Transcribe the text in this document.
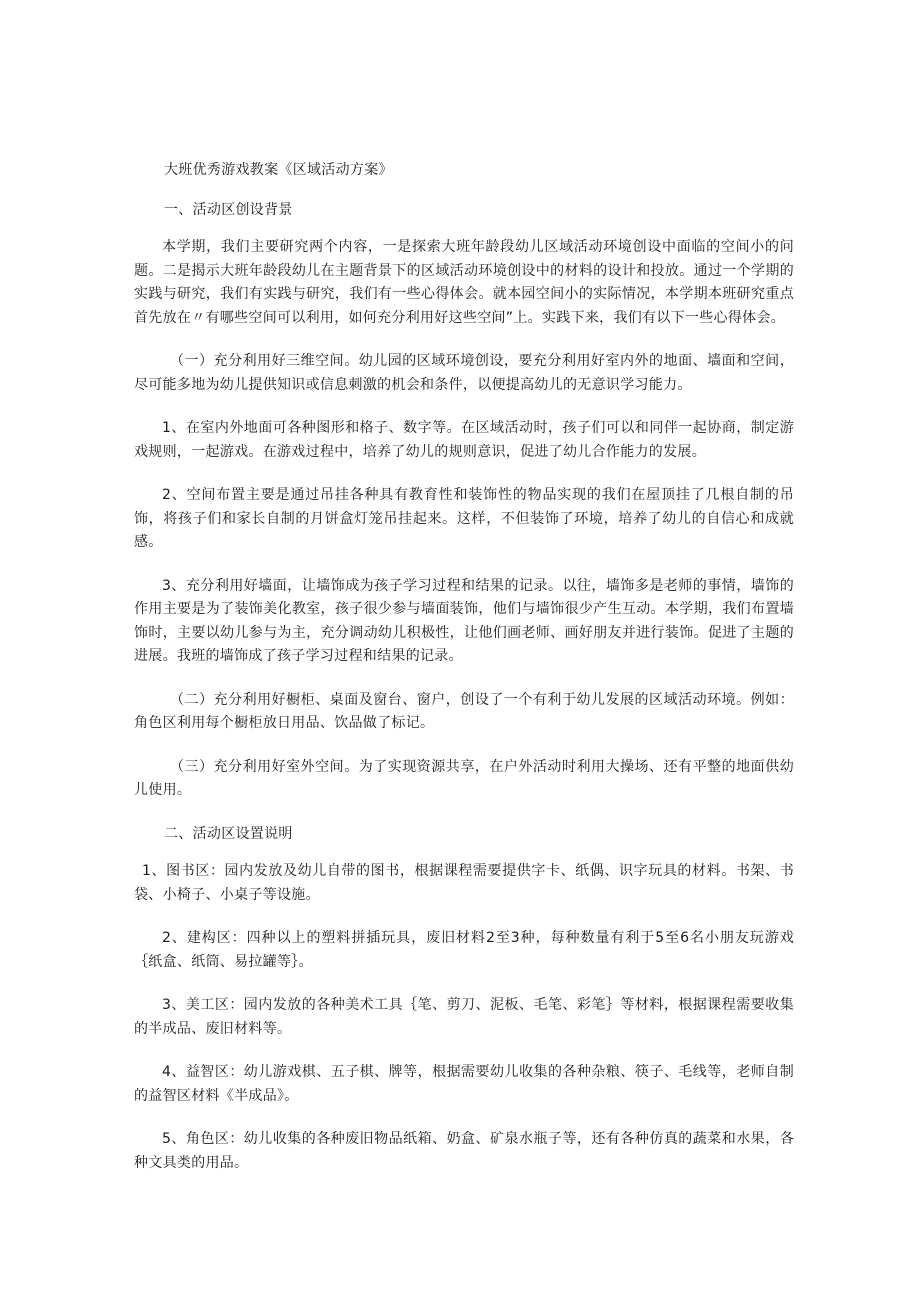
大班优秀游戏教案《区域活动方案》
一、活动区创设背景

本学期，我们主要研究两个内容，一是探索大班年龄段幼儿区域活动环境创设中面临的空间小的问题。二是揭示大班年龄段幼儿在主题背景下的区域活动环境创设中的材料的设计和投放。通过一个学期的实践与研究，我们有实践与研究，我们有一些心得体会。就本园空间小的实际情况，本学期本班研究重点首先放在〃有哪些空间可以利用，如何充分利用好这些空间”上。实践下来，我们有以下一些心得体会。

（一）充分利用好三维空间。幼儿园的区域环境创设，要充分利用好室内外的地面、墙面和空间，尽可能多地为幼儿提供知识或信息刺激的机会和条件，以便提高幼儿的无意识学习能力。

1、在室内外地面可各种图形和格子、数字等。在区域活动时，孩子们可以和同伴一起协商，制定游戏规则，一起游戏。在游戏过程中，培养了幼儿的规则意识，促进了幼儿合作能力的发展。

2、空间布置主要是通过吊挂各种具有教育性和装饰性的物品实现的我们在屋顶挂了几根自制的吊饰，将孩子们和家长自制的月饼盒灯笼吊挂起来。这样，不但装饰了环境，培养了幼儿的自信心和成就感。

3、充分利用好墙面，让墙饰成为孩子学习过程和结果的记录。以往，墙饰多是老师的事情，墙饰的作用主要是为了装饰美化教室，孩子很少参与墙面装饰，他们与墙饰很少产生互动。本学期，我们布置墙饰时，主要以幼儿参与为主，充分调动幼儿积极性，让他们画老师、画好朋友并进行装饰。促进了主题的进展。我班的墙饰成了孩子学习过程和结果的记录。

（二）充分利用好橱柜、桌面及窗台、窗户，创设了一个有利于幼儿发展的区域活动环境。例如：角色区利用每个橱柜放日用品、饮品做了标记。

（三）充分利用好室外空间。为了实现资源共享，在户外活动时利用大操场、还有平整的地面供幼儿使用。

二、活动区设置说明

1、图书区：园内发放及幼儿自带的图书，根据课程需要提供字卡、纸偶、识字玩具的材料。书架、书袋、小椅子、小桌子等设施。

2、建构区：四种以上的塑料拼插玩具，废旧材料2至3种，每种数量有利于5至6名小朋友玩游戏｛纸盒、纸筒、易拉罐等｝。

3、美工区：园内发放的各种美术工具｛笔、剪刀、泥板、毛笔、彩笔｝等材料，根据课程需要收集的半成品、废旧材料等。

4、益智区：幼儿游戏棋、五子棋、牌等，根据需要幼儿收集的各种杂粮、筷子、毛线等，老师自制的益智区材料《半成品》。

5、角色区：幼儿收集的各种废旧物品纸箱、奶盒、矿泉水瓶子等，还有各种仿真的蔬菜和水果，各种文具类的用品。
